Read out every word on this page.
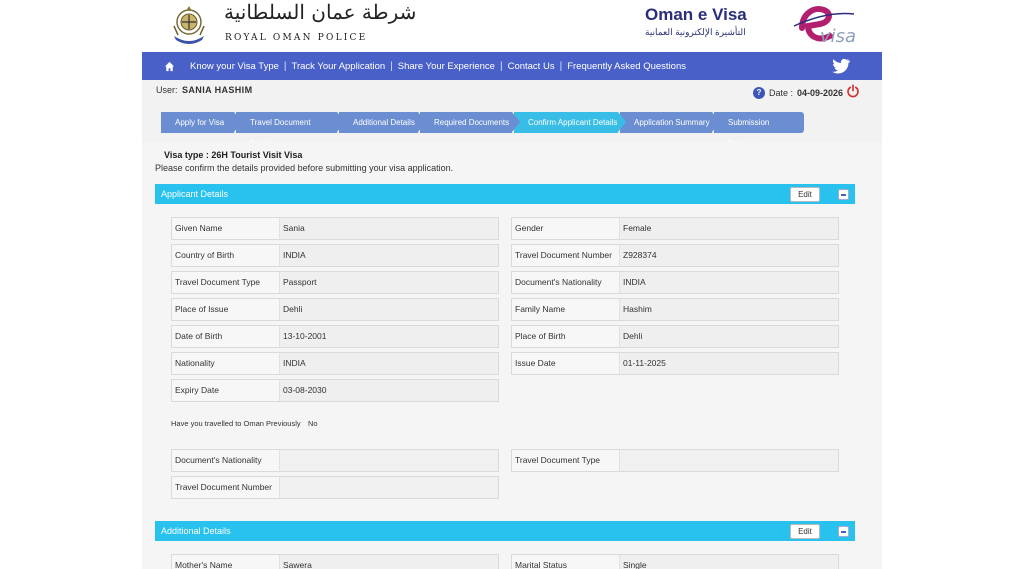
شرطة عمان السلطانية
ROYAL OMAN POLICE
Oman e Visa
التأشيرة الإلكترونية العمانية	visa
Know your Visa Type | Track Your Application | Share Your Experience | Contact Us | Frequently Asked Questions
User: SANIA HASHIM	? Date : 04-09-2026
Apply for Visa	Travel Document	Additional Details	Required Documents	Confirm Applicant Details	Application Summary	Submission
Visa type : 26H Tourist Visit Visa
Please confirm the details provided before submitting your visa application.
Applicant Details	Edit
Given Name	Sania
Country of Birth	INDIA
Travel Document Type	Passport
Place of Issue	Dehli
Date of Birth	13-10-2001
Nationality	INDIA
Expiry Date	03-08-2030
Gender	Female
Travel Document Number	Z928374
Document's Nationality	INDIA
Family Name	Hashim
Place of Birth	Dehli
Issue Date	01-11-2025
Have you travelled to Oman Previously No
Document's Nationality
Travel Document Number
Travel Document Type
Additional Details	Edit
Mother's Name	Sawera	Marital Status	Single
